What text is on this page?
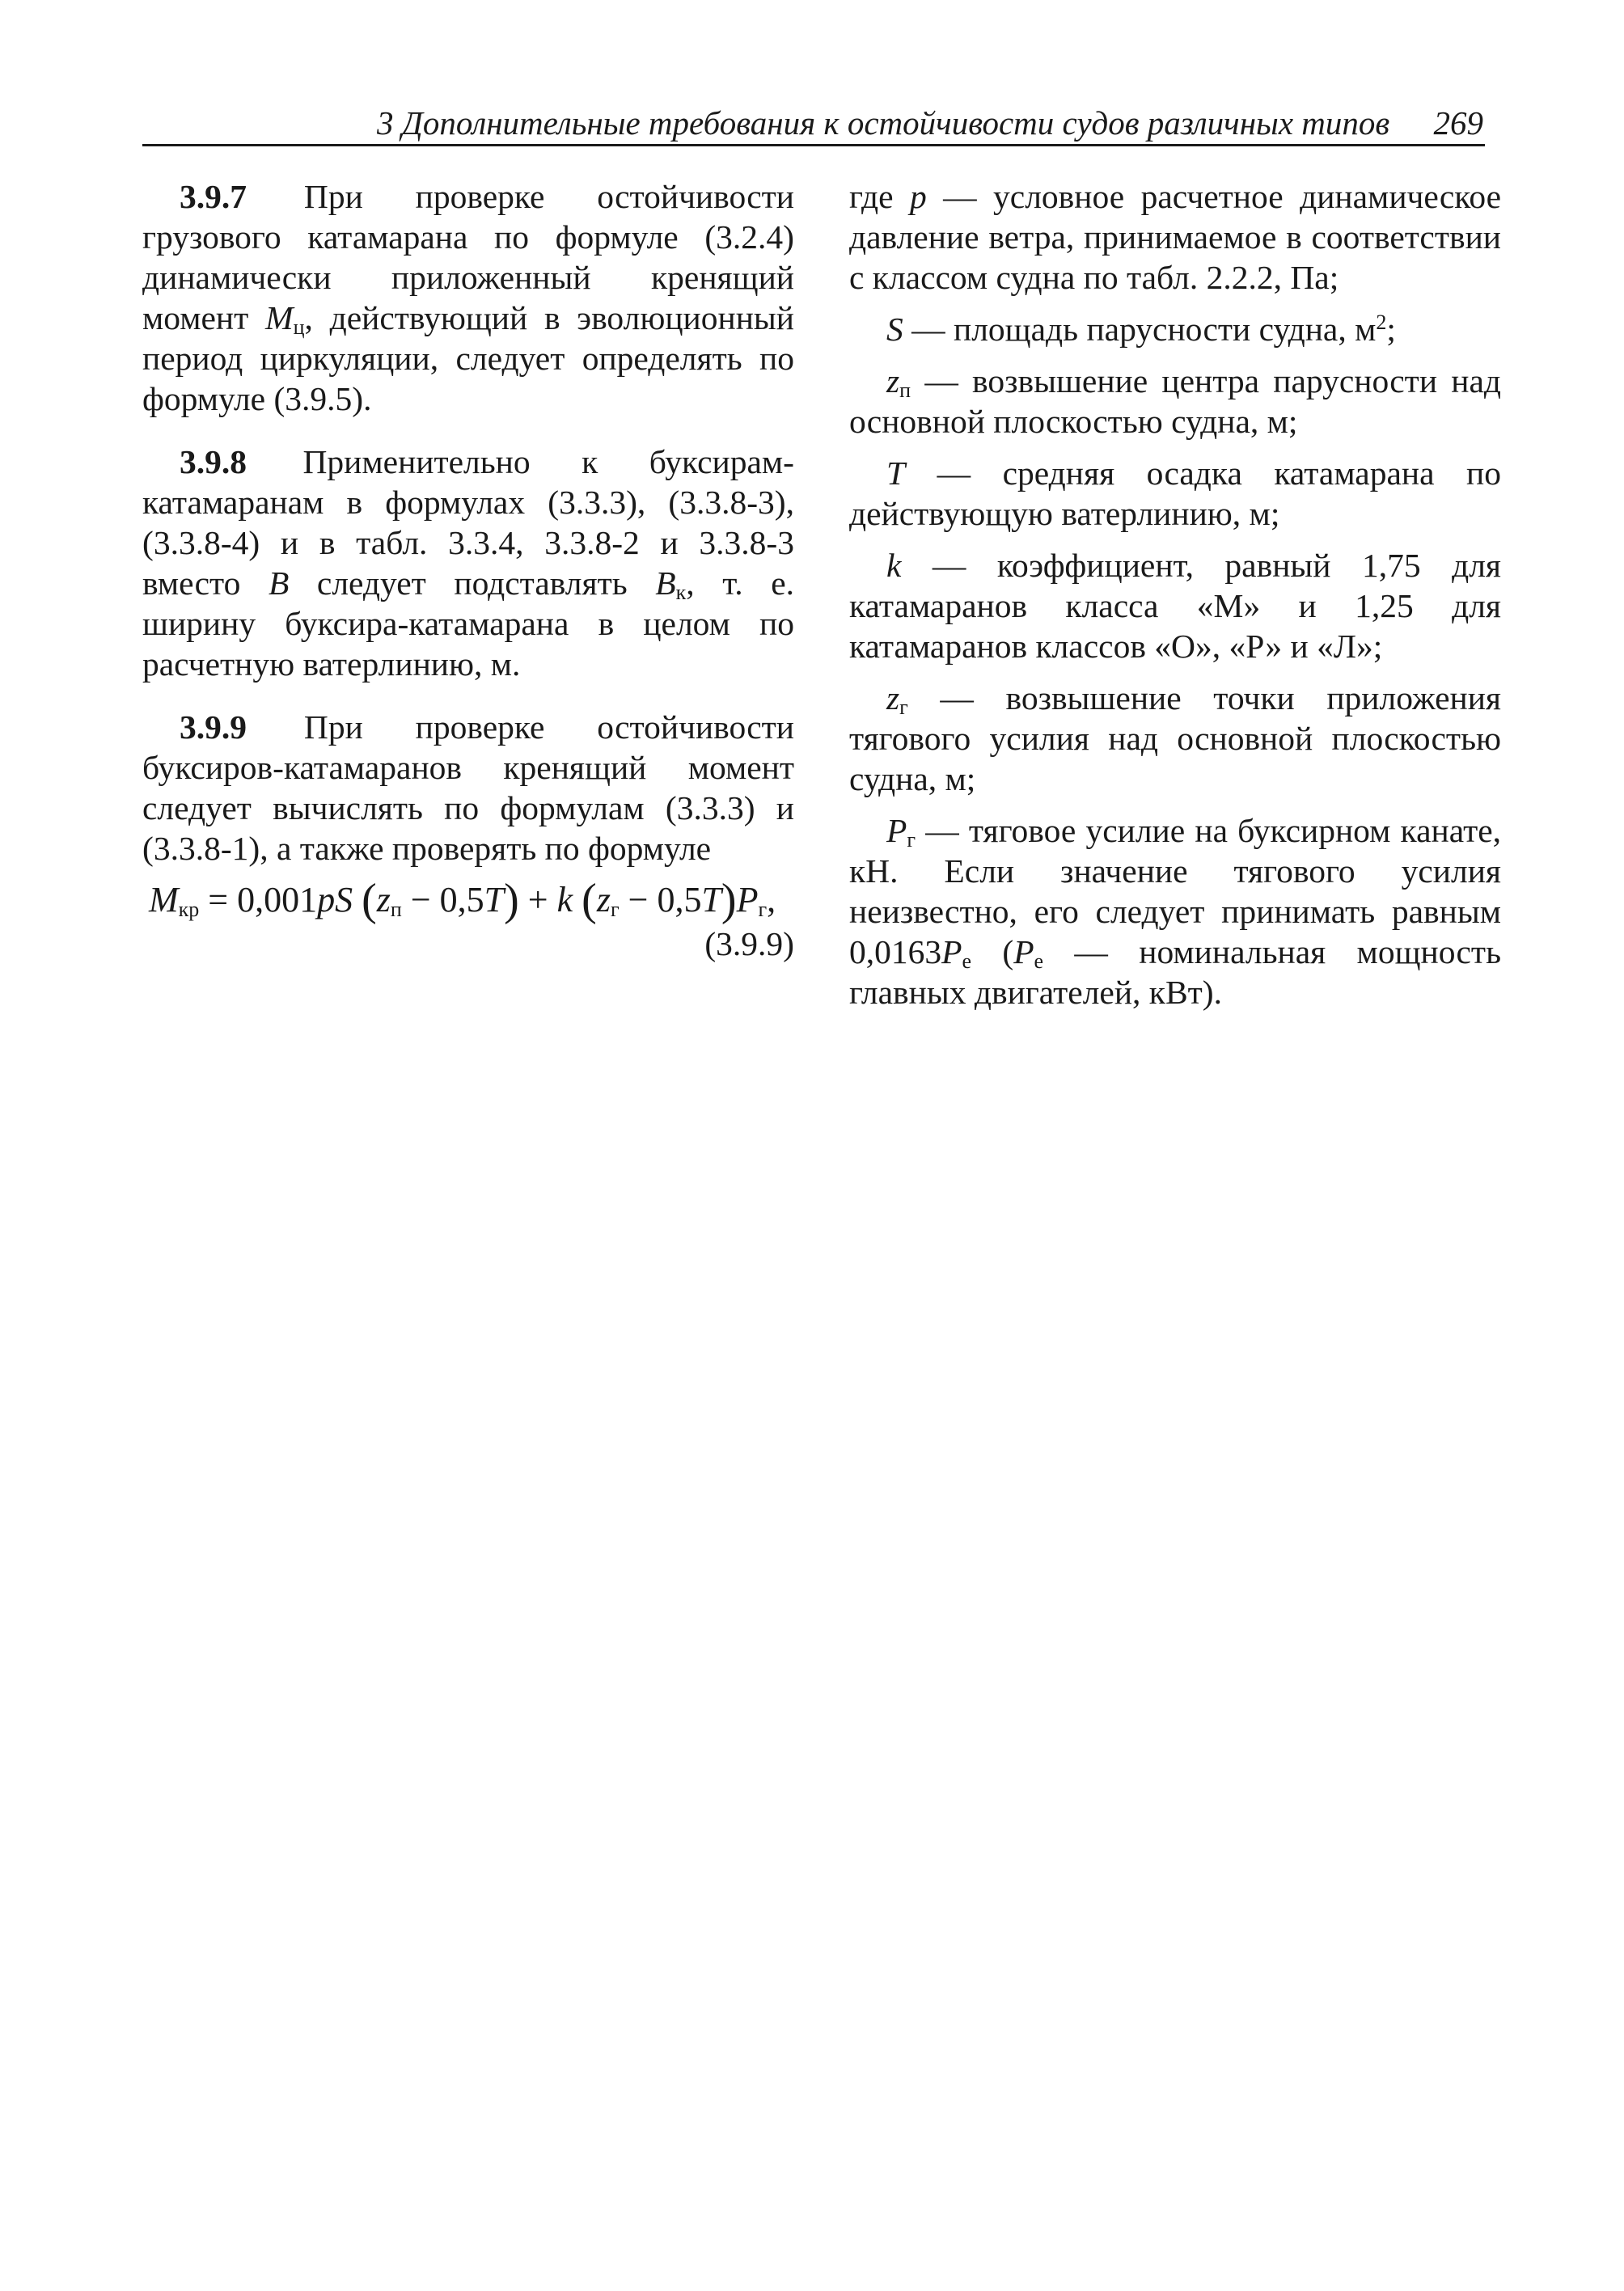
3 Дополнительные требования к остойчивости судов различных типов 269

3.9.7 При проверке остойчивости грузового катамарана по формуле (3.2.4) динамически приложенный кренящий момент $M_ц$, действующий в эволюционный период циркуляции, следует определять по формуле (3.9.5).

3.9.8 Применительно к буксирам-катамаранам в формулах (3.3.3), (3.3.8-3), (3.3.8-4) и в табл. 3.3.4, 3.3.8-2 и 3.3.8-3 вместо B следует подставлять $B_к$, т. е. ширину буксира-катамарана в целом по расчетную ватерлинию, м.

3.9.9 При проверке остойчивости буксиров-катамаранов кренящий момент следует вычислять по формулам (3.3.3) и (3.3.8-1), а также проверять по формуле

$M_{кр} = 0,001pS$ $(z_п - 0,5T) + k$ $(z_г - 0,5T)P_г$,
(3.9.9)

где p — условное расчетное динамическое давление ветра, принимаемое в соответствии с классом судна по табл. 2.2.2, Па;

S — площадь парусности судна, $м^2$;

$z_п$ — возвышение центра парусности над основной плоскостью судна, м;

T — средняя осадка катамарана по действующую ватерлинию, м;

k — коэффициент, равный 1,75 для катамаранов класса «М» и 1,25 для катамаранов классов «О», «Р» и «Л»;

$z_г$ — возвышение точки приложения тягового усилия над основной плоскостью судна, м;

$P_г$ — тяговое усилие на буксирном канате, кН. Если значение тягового усилия неизвестно, его следует принимать равным $0,0163P_e$ ($P_e$ — номинальная мощность главных двигателей, кВт).
